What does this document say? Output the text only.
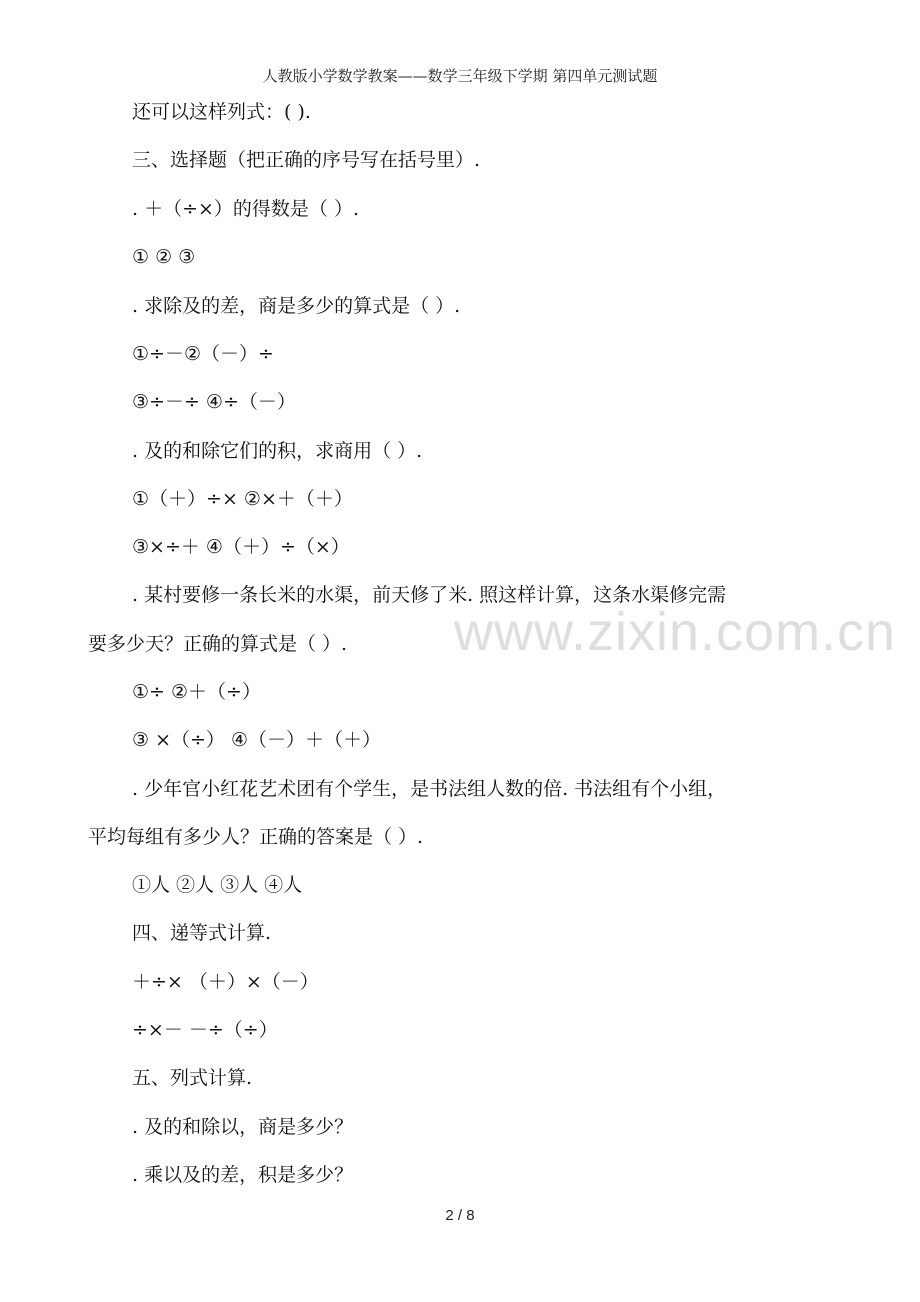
人教版小学数学教案——数学三年级下学期 第四单元测试题
www.zixin.com.cn
还可以这样列式：( ).
三、选择题（把正确的序号写在括号里）.
. ＋（÷×）的得数是（ ）.
① ② ③
. 求除及的差，商是多少的算式是（ ）.
①÷－②（－）÷
③÷－÷ ④÷（－）
. 及的和除它们的积，求商用（ ）.
①（＋）÷× ②×＋（＋）
③×÷＋ ④（＋）÷（×）
. 某村要修一条长米的水渠，前天修了米. 照这样计算，这条水渠修完需
要多少天？正确的算式是（ ）.
①÷ ②＋（÷）
③ ×（÷） ④（－）＋（＋）
. 少年官小红花艺术团有个学生，是书法组人数的倍. 书法组有个小组，
平均每组有多少人？正确的答案是（ ）.
①人 ②人 ③人 ④人
四、递等式计算.
＋÷× （＋）×（－）
÷×－ －÷（÷）
五、列式计算.
. 及的和除以，商是多少？
. 乘以及的差，积是多少？
2 / 8
